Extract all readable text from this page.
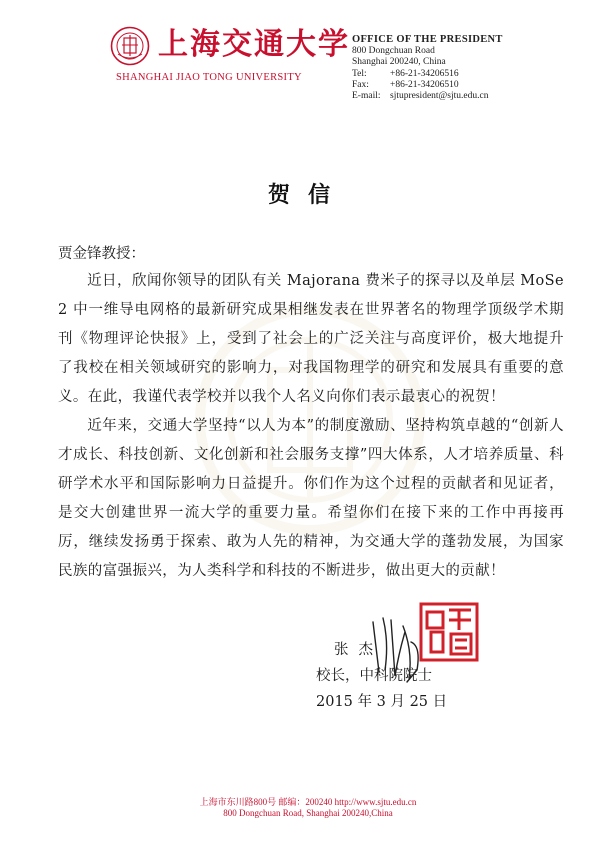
上海交通大学
SHANGHAI JIAO TONG UNIVERSITY
OFFICE OF THE PRESIDENT
800 Dongchuan Road
Shanghai 200240, China
Tel: +86-21-34206516
Fax: +86-21-34206510
E-mail: sjtupresident@sjtu.edu.cn
贺信
贾金锋教授：
近日，欣闻你领导的团队有关 Majorana 费米子的探寻以及单层 MoSe 2 中一维导电网格的最新研究成果相继发表在世界著名的物理学顶级学术期刊《物理评论快报》上，受到了社会上的广泛关注与高度评价，极大地提升了我校在相关领域研究的影响力，对我国物理学的研究和发展具有重要的意义。在此，我谨代表学校并以我个人名义向你们表示最衷心的祝贺！
近年来，交通大学坚持“以人为本”的制度激励、坚持构筑卓越的“创新人才成长、科技创新、文化创新和社会服务支撑”四大体系，人才培养质量、科研学术水平和国际影响力日益提升。你们作为这个过程的贡献者和见证者，是交大创建世界一流大学的重要力量。希望你们在接下来的工作中再接再厉，继续发扬勇于探索、敢为人先的精神，为交通大学的蓬勃发展，为国家民族的富强振兴，为人类科学和科技的不断进步，做出更大的贡献！
张杰
校长，中科院院士
2015 年 3 月 25 日
上海市东川路800号 邮编：200240 http://www.sjtu.edu.cn
800 Dongchuan Road, Shanghai 200240,China
